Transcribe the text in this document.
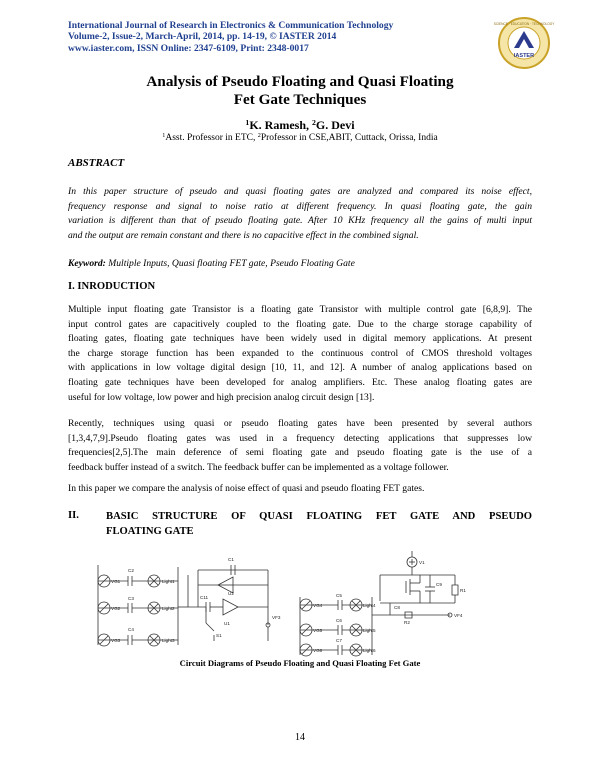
International Journal of Research in Electronics & Communication Technology
Volume-2, Issue-2, March-April, 2014, pp. 14-19, © IASTER 2014
www.iaster.com, ISSN Online: 2347-6109, Print: 2348-0017
IASTER
SCIENCE · EDUCATION · TECHNOLOGY
Analysis of Pseudo Floating and Quasi Floating
Fet Gate Techniques
$^1$K. Ramesh, $^2$G. Devi
$^1$Asst. Professor in ETC, $^2$Professor in CSE,ABIT, Cuttack, Orissa, India
ABSTRACT
In this paper structure of pseudo and quasi floating gates are analyzed and compared its noise effect,
frequency response and signal to noise ratio at different frequency. In quasi floating gate, the gain
variation is different than that of pseudo floating gate. After 10 KHz frequency all the gains of multi input
and the output are remain constant and there is no capacitive effect in the combined signal.
Keyword: Multiple Inputs, Quasi floating FET gate, Pseudo Floating Gate
I. INRODUCTION
Multiple input floating gate Transistor is a floating gate Transistor with multiple control gate [6,8,9]. The
input control gates are capacitively coupled to the floating gate. Due to the charge storage capability of
floating gates, floating gate techniques have been widely used in digital memory applications. At present
the charge storage function has been expanded to the continuous control of CMOS threshold voltages
with applications in low voltage digital design [10, 11, and 12]. A number of analog applications based on
floating gate techniques have been developed for analog amplifiers. Etc. These analog floating gates are
useful for low voltage, low power and high precision analog circuit design [13].
Recently, techniques using quasi or pseudo floating gates have been presented by several authors
[1,3,4,7,9].Pseudo floating gates was used in a frequency detecting applications that suppresses low
frequencies[2,5].The main deference of semi floating gate and pseudo floating gate is the use of a
feedback buffer instead of a switch. The feedback buffer can be implemented as a voltage follower.
In this paper we compare the analysis of noise effect of quasi and pseudo floating FET gates.
II.	BASIC STRUCTURE OF QUASI FLOATING FET GATE AND PSEUDO
FLOATING GATE
C1
C2
C3
C4
C11
U2
U1
VG1
VG2
VG3
Light1
Light2
Light3
S1
VF3
V1
C5
C6
C7
C8
C9
R1
R2
VG4
VG5
VG6
Light4
Light5
Light6
VF4
Circuit Diagrams of Pseudo Floating and Quasi Floating Fet Gate
14
